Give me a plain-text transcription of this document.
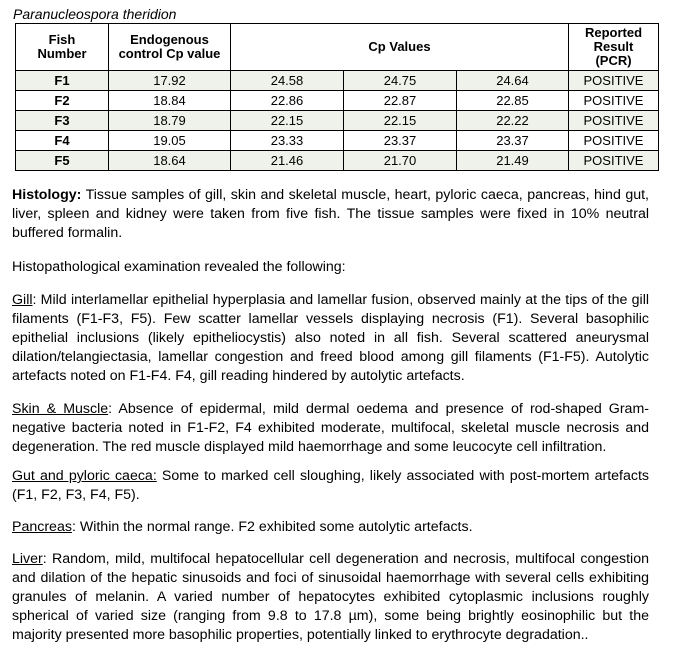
Paranucleospora theridion
Fish Number	Endogenous control Cp value	Cp Values			Reported Result (PCR)
F1	17.92	24.58	24.75	24.64	POSITIVE
F2	18.84	22.86	22.87	22.85	POSITIVE
F3	18.79	22.15	22.15	22.22	POSITIVE
F4	19.05	23.33	23.37	23.37	POSITIVE
F5	18.64	21.46	21.70	21.49	POSITIVE

Histology: Tissue samples of gill, skin and skeletal muscle, heart, pyloric caeca, pancreas, hind gut, liver, spleen and kidney were taken from five fish. The tissue samples were fixed in 10% neutral buffered formalin.

Histopathological examination revealed the following:

Gill: Mild interlamellar epithelial hyperplasia and lamellar fusion, observed mainly at the tips of the gill filaments (F1-F3, F5). Few scatter lamellar vessels displaying necrosis (F1). Several basophilic epithelial inclusions (likely epitheliocystis) also noted in all fish. Several scattered aneurysmal dilation/telangiectasia, lamellar congestion and freed blood among gill filaments (F1-F5). Autolytic artefacts noted on F1-F4. F4, gill reading hindered by autolytic artefacts.

Skin & Muscle: Absence of epidermal, mild dermal oedema and presence of rod-shaped Gram-negative bacteria noted in F1-F2, F4 exhibited moderate, multifocal, skeletal muscle necrosis and degeneration. The red muscle displayed mild haemorrhage and some leucocyte cell infiltration.

Gut and pyloric caeca: Some to marked cell sloughing, likely associated with post-mortem artefacts (F1, F2, F3, F4, F5).

Pancreas: Within the normal range. F2 exhibited some autolytic artefacts.

Liver: Random, mild, multifocal hepatocellular cell degeneration and necrosis, multifocal congestion and dilation of the hepatic sinusoids and foci of sinusoidal haemorrhage with several cells exhibiting granules of melanin. A varied number of hepatocytes exhibited cytoplasmic inclusions roughly spherical of varied size (ranging from 9.8 to 17.8 µm), some being brightly eosinophilic but the majority presented more basophilic properties, potentially linked to erythrocyte degradation..
